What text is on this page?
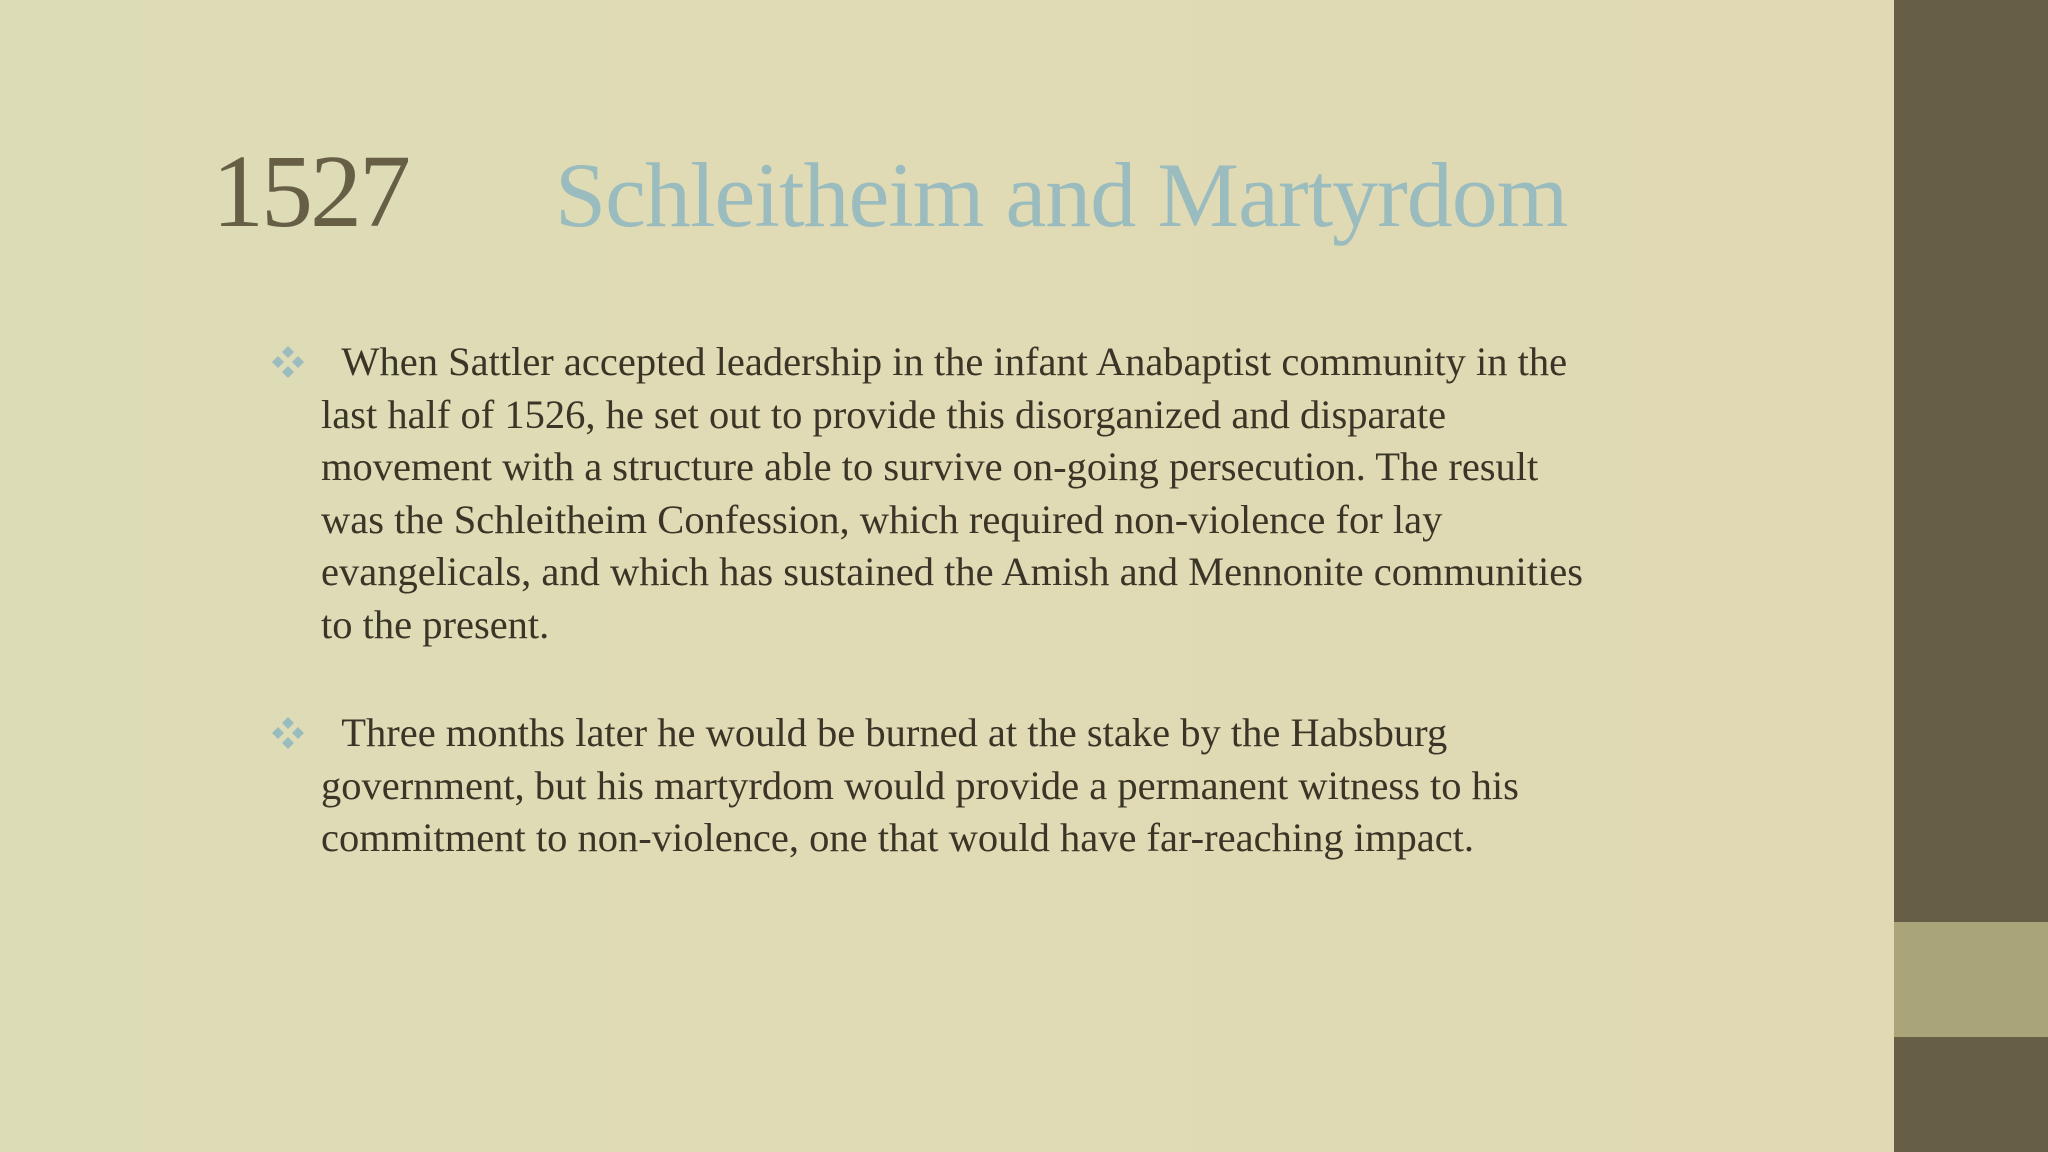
1527 Schleitheim and Martyrdom
When Sattler accepted leadership in the infant Anabaptist community in the last half of 1526, he set out to provide this disorganized and disparate movement with a structure able to survive on-going persecution. The result was the Schleitheim Confession, which required non-violence for lay evangelicals, and which has sustained the Amish and Mennonite communities to the present.
Three months later he would be burned at the stake by the Habsburg government, but his martyrdom would provide a permanent witness to his commitment to non-violence, one that would have far-reaching impact.
